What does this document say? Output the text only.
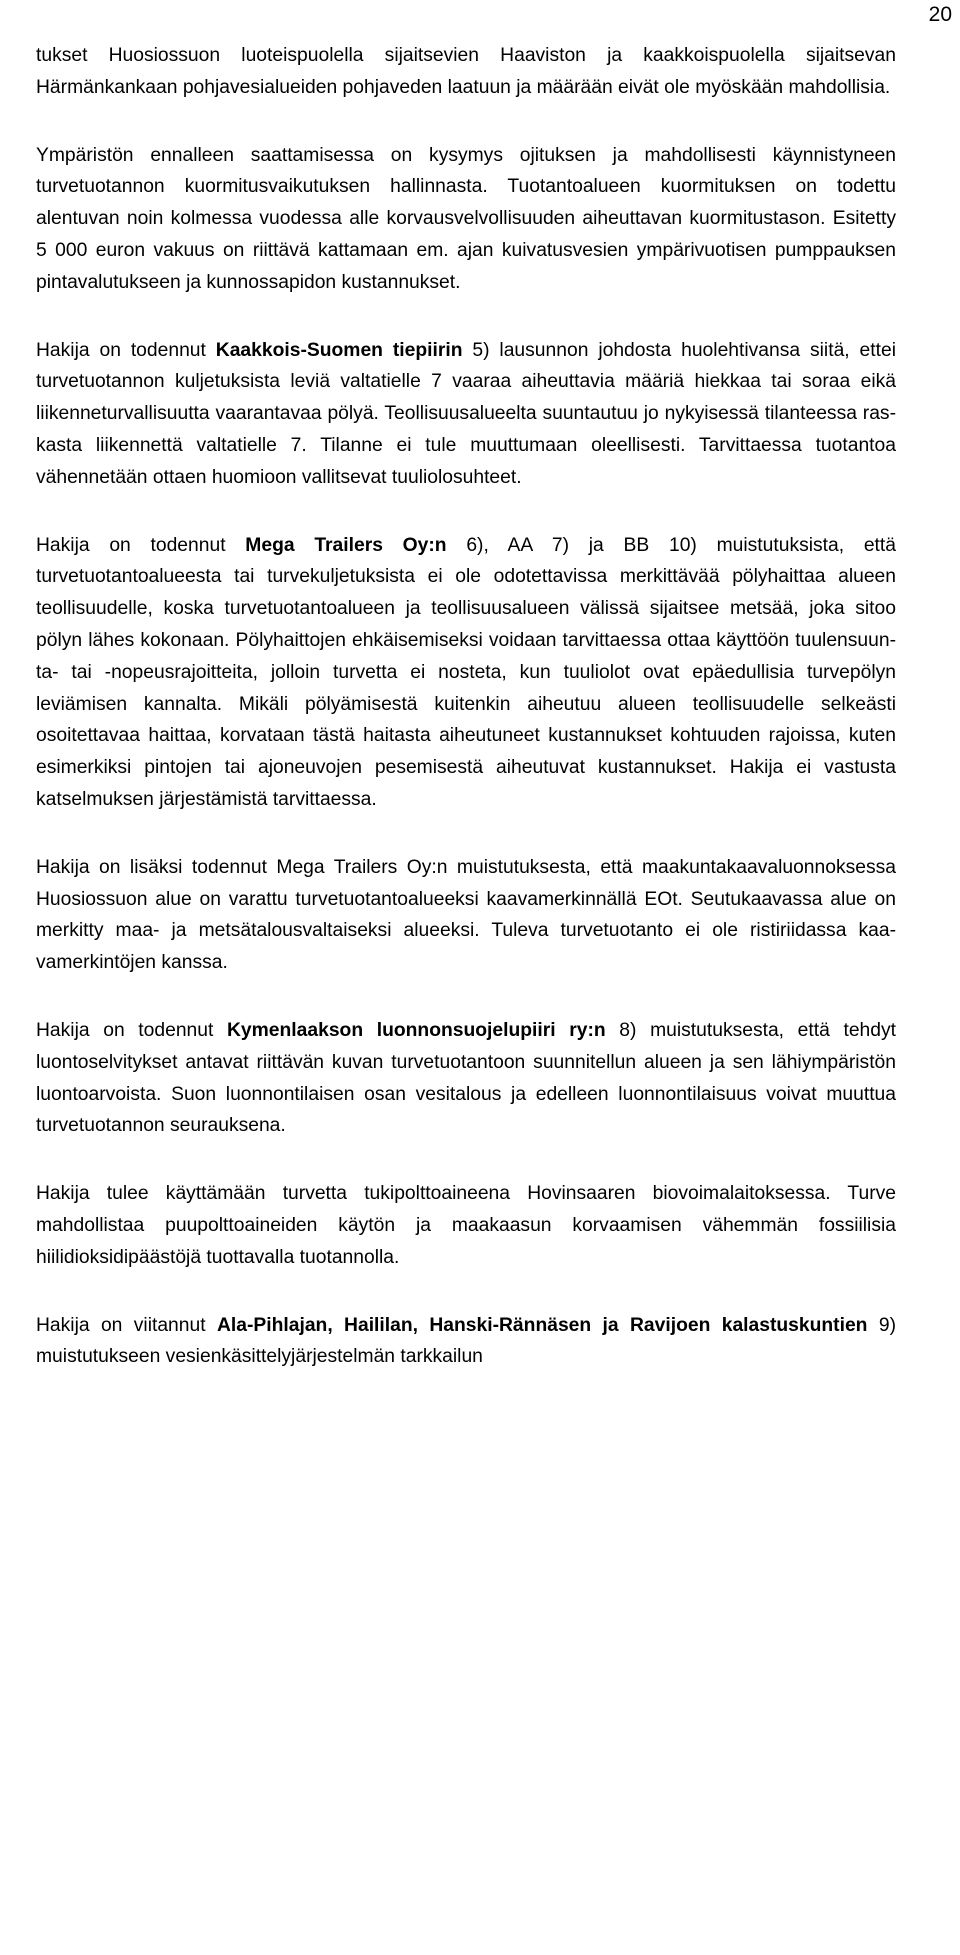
20

tukset Huosiossuon luoteispuolella sijaitsevien Haaviston ja kaakkoispuolella sijaitsevan Härmänkankaan pohjavesialueiden pohjaveden laatuun ja määrään eivät ole myöskään mahdollisia.

Ympäristön ennalleen saattamisessa on kysymys ojituksen ja mahdollisesti käynnistyneen turvetuotannon kuormitusvaikutuksen hallinnasta. Tuotantoalueen kuormituksen on todettu alentuvan noin kolmessa vuodessa alle korvausvelvollisuuden aiheuttavan kuormitustason. Esitetty 5 000 euron vakuus on riittävä kattamaan em. ajan kuivatusvesien ympärivuotisen pumppauksen pintavalutukseen ja kunnossapidon kustannukset.

Hakija on todennut Kaakkois-Suomen tiepiirin 5) lausunnon johdosta huolehtivansa siitä, ettei turvetuotannon kuljetuksista leviä valtatielle 7 vaaraa aiheuttavia määriä hiekkaa tai soraa eikä liikenneturvallisuutta vaarantavaa pölyä. Teollisuusalueelta suuntautuu jo nykyisessä tilanteessa raskasta liikennettä valtatielle 7. Tilanne ei tule muuttumaan oleellisesti. Tarvittaessa tuotantoa vähennetään ottaen huomioon vallitsevat tuuliolosuhteet.

Hakija on todennut Mega Trailers Oy:n 6), AA 7) ja BB 10) muistutuksista, että turvetuotantoalueesta tai turvekuljetuksista ei ole odotettavissa merkittävää pölyhaittaa alueen teollisuudelle, koska turvetuotantoalueen ja teollisuusalueen välissä sijaitsee metsää, joka sitoo pölyn lähes kokonaan. Pölyhaittojen ehkäisemiseksi voidaan tarvittaessa ottaa käyttöön tuulensuunta- tai -nopeusrajoitteita, jolloin turvetta ei nosteta, kun tuuliolot ovat epäedullisia turvepölyn leviämisen kannalta. Mikäli pölyämisestä kuitenkin aiheutuu alueen teollisuudelle selkeästi osoitettavaa haittaa, korvataan tästä haitasta aiheutuneet kustannukset kohtuuden rajoissa, kuten esimerkiksi pintojen tai ajoneuvojen pesemisestä aiheutuvat kustannukset. Hakija ei vastusta katselmuksen järjestämistä tarvittaessa.

Hakija on lisäksi todennut Mega Trailers Oy:n muistutuksesta, että maakuntakaavaluonnoksessa Huosiossuon alue on varattu turvetuotantoalueeksi kaavamerkinnällä EOt. Seutukaavassa alue on merkitty maa- ja metsätalousvaltaiseksi alueeksi. Tuleva turvetuotanto ei ole ristiriidassa kaavamerkintöjen kanssa.

Hakija on todennut Kymenlaakson luonnonsuojelupiiri ry:n 8) muistutuksesta, että tehdyt luontoselvitykset antavat riittävän kuvan turvetuotantoon suunnitellun alueen ja sen lähiympäristön luontoarvoista. Suon luonnontilaisen osan vesitalous ja edelleen luonnontilaisuus voivat muuttua turvetuotannon seurauksena.

Hakija tulee käyttämään turvetta tukipolttoaineena Hovinsaaren biovoimalaitoksessa. Turve mahdollistaa puupolttoaineiden käytön ja maakaasun korvaamisen vähemmän fossiilisia hiilidioksidipäästöjä tuottavalla tuotannolla.

Hakija on viitannut Ala-Pihlajan, Haililan, Hanski-Rännäsen ja Ravijoen kalastuskuntien 9) muistutukseen vesienkäsittelyjärjestelmän tarkkailun
